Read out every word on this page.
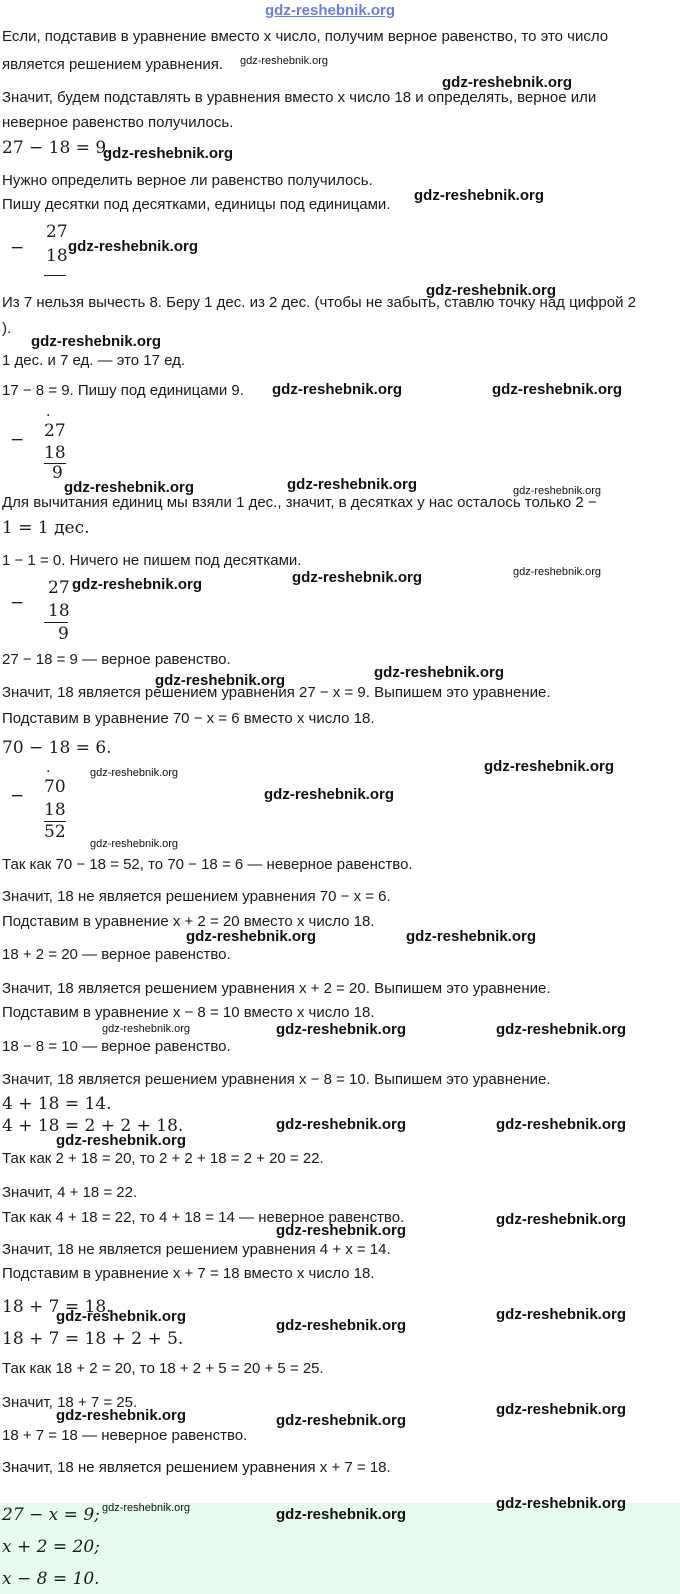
gdz-reshebnik.org
Если, подставив в уравнение вместо x число, получим верное равенство, то это число
является решением уравнения.
Значит, будем подставлять в уравнения вместо x число 18 и определять, верное или
неверное равенство получилось.
27 − 18 = 9.
Нужно определить верное ли равенство получилось.
Пишу десятки под десятками, единицы под единицами.
−
27
18
Из 7 нельзя вычесть 8. Беру 1 дес. из 2 дес. (чтобы не забыть, ставлю точку над цифрой 2
).
1 дес. и 7 ед. — это 17 ед.
17 − 8 = 9. Пишу под единицами 9.
−
.
27
18
9
Для вычитания единиц мы взяли 1 дес., значит, в десятках у нас осталось только 2 −
1 = 1 дес.
1 − 1 = 0. Ничего не пишем под десятками.
−
27
18
9
27 − 18 = 9 — верное равенство.
Значит, 18 является решением уравнения 27 − x = 9. Выпишем это уравнение.
Подставим в уравнение 70 − x = 6 вместо x число 18.
70 − 18 = 6.
−
.
70
18
52
Так как 70 − 18 = 52, то 70 − 18 = 6 — неверное равенство.
Значит, 18 не является решением уравнения 70 − x = 6.
Подставим в уравнение x + 2 = 20 вместо x число 18.
18 + 2 = 20 — верное равенство.
Значит, 18 является решением уравнения x + 2 = 20. Выпишем это уравнение.
Подставим в уравнение x − 8 = 10 вместо x число 18.
18 − 8 = 10 — верное равенство.
Значит, 18 является решением уравнения x − 8 = 10. Выпишем это уравнение.
4 + 18 = 14.
4 + 18 = 2 + 2 + 18.
Так как 2 + 18 = 20, то 2 + 2 + 18 = 2 + 20 = 22.
Значит, 4 + 18 = 22.
Так как 4 + 18 = 22, то 4 + 18 = 14 — неверное равенство.
Значит, 18 не является решением уравнения 4 + x = 14.
Подставим в уравнение x + 7 = 18 вместо x число 18.
18 + 7 = 18.
18 + 7 = 18 + 2 + 5.
Так как 18 + 2 = 20, то 18 + 2 + 5 = 20 + 5 = 25.
Значит, 18 + 7 = 25.
18 + 7 = 18 — неверное равенство.
Значит, 18 не является решением уравнения x + 7 = 18.
27 − x = 9;
x + 2 = 20;
x − 8 = 10.
gdz-reshebnik.org
gdz-reshebnik.org
gdz-reshebnik.org
gdz-reshebnik.org
gdz-reshebnik.org
gdz-reshebnik.org
gdz-reshebnik.org
gdz-reshebnik.org	gdz-reshebnik.org
gdz-reshebnik.org	gdz-reshebnik.org
gdz-reshebnik.org
gdz-reshebnik.org	gdz-reshebnik.org	gdz-reshebnik.org
gdz-reshebnik.org
gdz-reshebnik.org
gdz-reshebnik.org	gdz-reshebnik.org
gdz-reshebnik.org
gdz-reshebnik.org
gdz-reshebnik.org	gdz-reshebnik.org
gdz-reshebnik.org	gdz-reshebnik.org	gdz-reshebnik.org
gdz-reshebnik.org	gdz-reshebnik.org
gdz-reshebnik.org
gdz-reshebnik.org
gdz-reshebnik.org
gdz-reshebnik.org
gdz-reshebnik.org
gdz-reshebnik.org
gdz-reshebnik.org	gdz-reshebnik.org
gdz-reshebnik.org
gdz-reshebnik.org	gdz-reshebnik.org
gdz-reshebnik.org
